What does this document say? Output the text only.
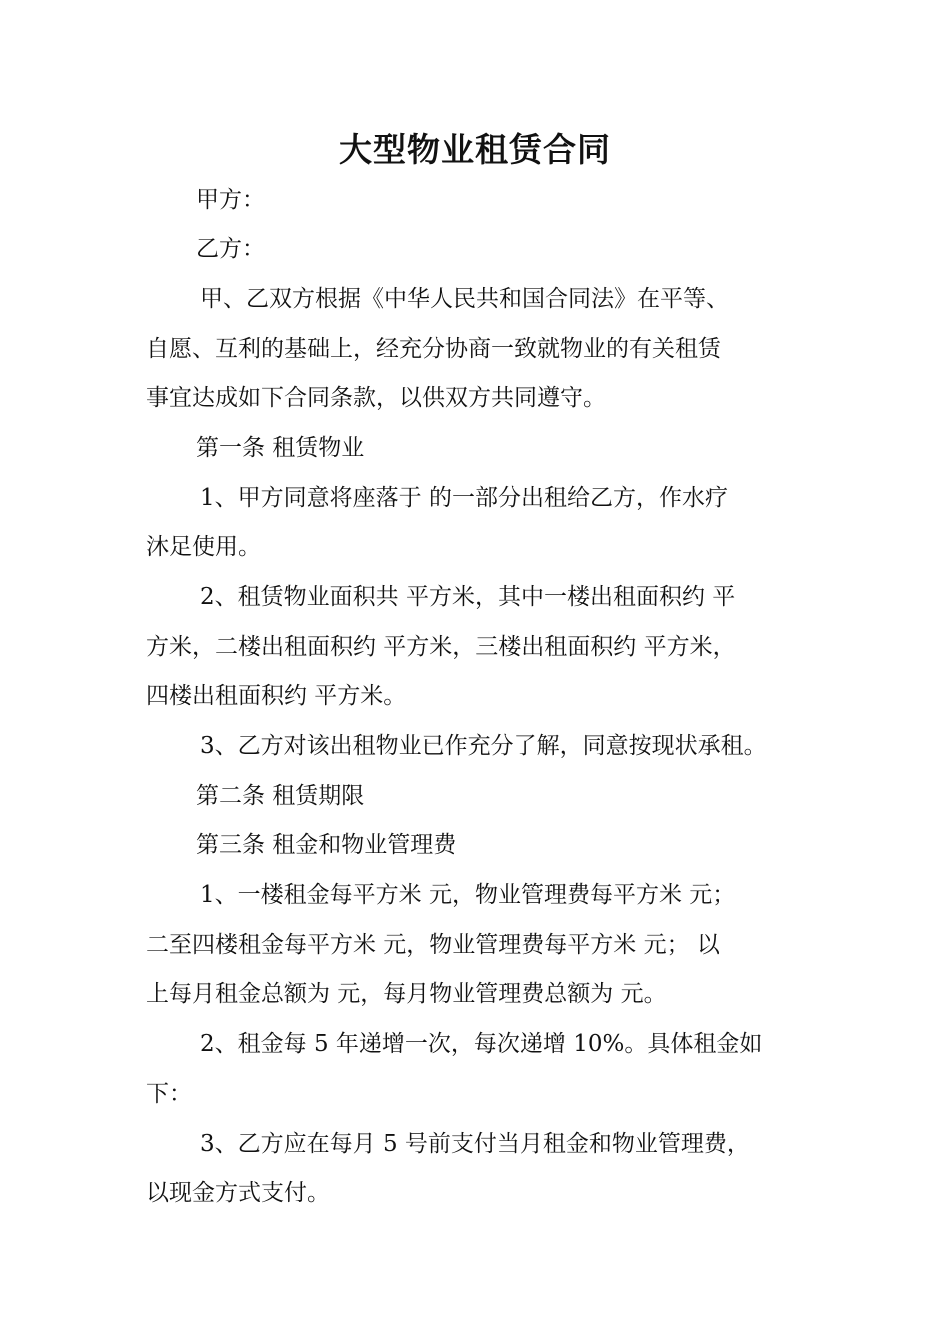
大型物业租赁合同
甲方：
乙方：
甲、乙双方根据《中华人民共和国合同法》在平等、
自愿、互利的基础上，经充分协商一致就物业的有关租赁
事宜达成如下合同条款，以供双方共同遵守。
第一条 租赁物业
1、甲方同意将座落于 的一部分出租给乙方，作水疗
沐足使用。
2、租赁物业面积共 平方米，其中一楼出租面积约 平
方米，二楼出租面积约 平方米，三楼出租面积约 平方米，
四楼出租面积约 平方米。
3、乙方对该出租物业已作充分了解，同意按现状承租。
第二条 租赁期限
第三条 租金和物业管理费
1、一楼租金每平方米 元，物业管理费每平方米 元；
二至四楼租金每平方米 元，物业管理费每平方米 元； 以
上每月租金总额为 元，每月物业管理费总额为 元。
2、租金每 5 年递增一次，每次递增 10%。具体租金如
下：
3、乙方应在每月 5 号前支付当月租金和物业管理费，
以现金方式支付。
